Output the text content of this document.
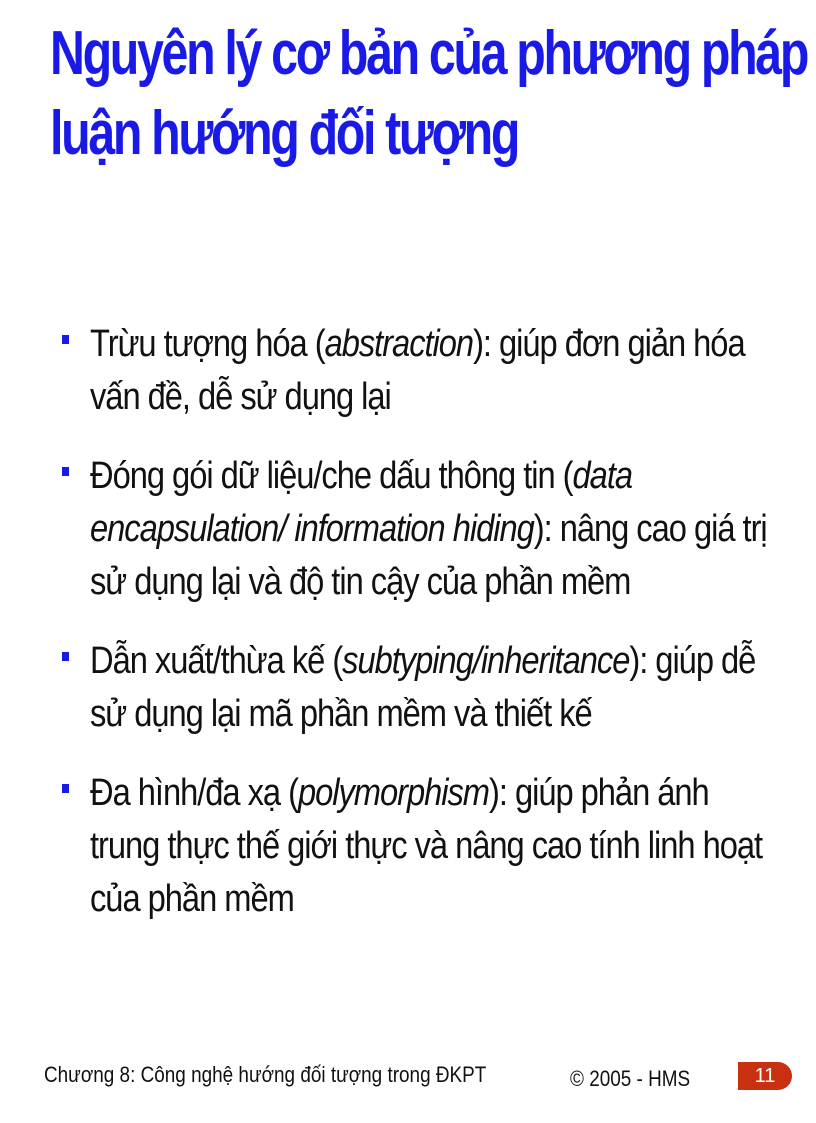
Nguyên lý cơ bản của phương pháp
luận hướng đối tượng
Trừu tượng hóa (abstraction): giúp đơn giản hóa vấn đề, dễ sử dụng lại
Đóng gói dữ liệu/che dấu thông tin (data encapsulation/ information hiding): nâng cao giá trị sử dụng lại và độ tin cậy của phần mềm
Dẫn xuất/thừa kế (subtyping/inheritance): giúp dễ sử dụng lại mã phần mềm và thiết kế
Đa hình/đa xạ (polymorphism): giúp phản ánh trung thực thế giới thực và nâng cao tính linh hoạt của phần mềm
Chương 8: Công nghệ hướng đối tượng trong ĐKPT	© 2005 - HMS	11
